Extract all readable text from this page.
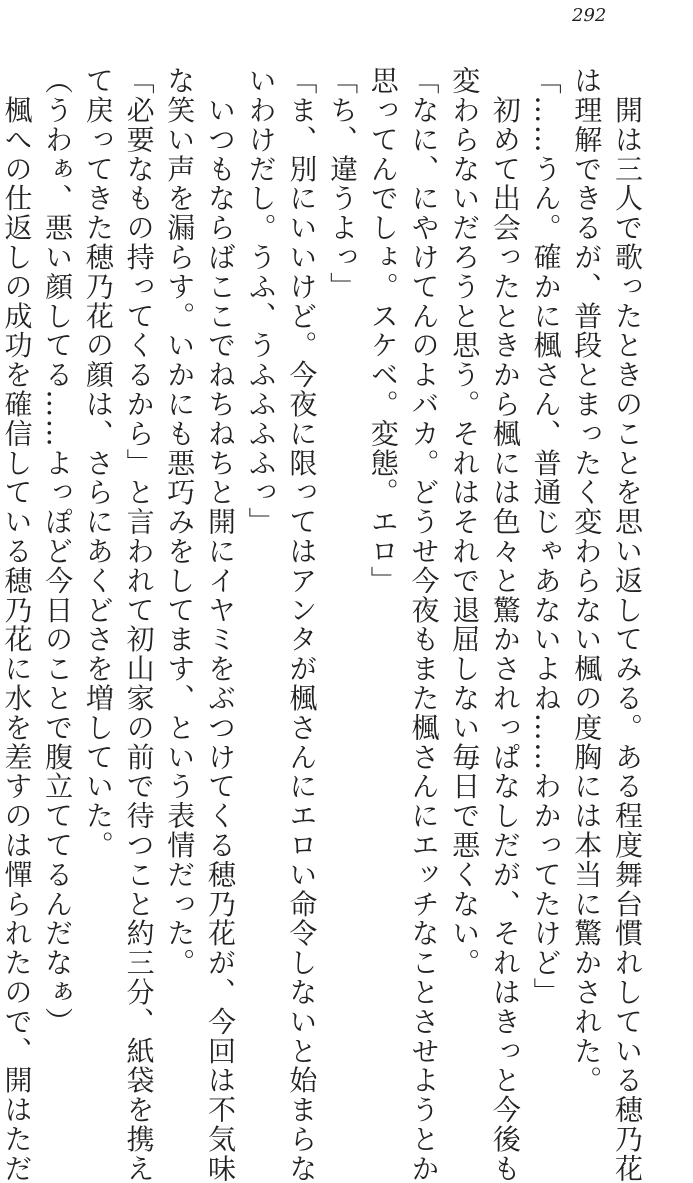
292
　開は三人で歌ったときのことを思い返してみる。ある程度舞台慣れしている穂乃花
は理解できるが、普段とまったく変わらない楓の度胸には本当に驚かされた。
「……うん。確かに楓さん、普通じゃあないよね……わかってたけど」
　初めて出会ったときから楓には色々と驚かされっぱなしだが、それはきっと今後も
変わらないだろうと思う。それはそれで退屈しない毎日で悪くない。
「なに、にやけてんのよバカ。どうせ今夜もまた楓さんにエッチなことさせようとか
思ってんでしょ。スケベ。変態。エロ」
「ち、違うよっ」
「ま、別にいいけど。今夜に限ってはアンタが楓さんにエロい命令しないと始まらな
いわけだし。うふ、うふふふふっ」
　いつもならばここでねちねちと開にイヤミをぶつけてくる穂乃花が、今回は不気味
な笑い声を漏らす。いかにも悪巧みをしてます、という表情だった。
「必要なもの持ってくるから」と言われて初山家の前で待つこと約三分、紙袋を携え
て戻ってきた穂乃花の顔は、さらにあくどさを増していた。
（うわぁ、悪い顔してる……よっぽど今日のことで腹立ててるんだなぁ）
　楓への仕返しの成功を確信している穂乃花に水を差すのは憚られたので、開はただ
